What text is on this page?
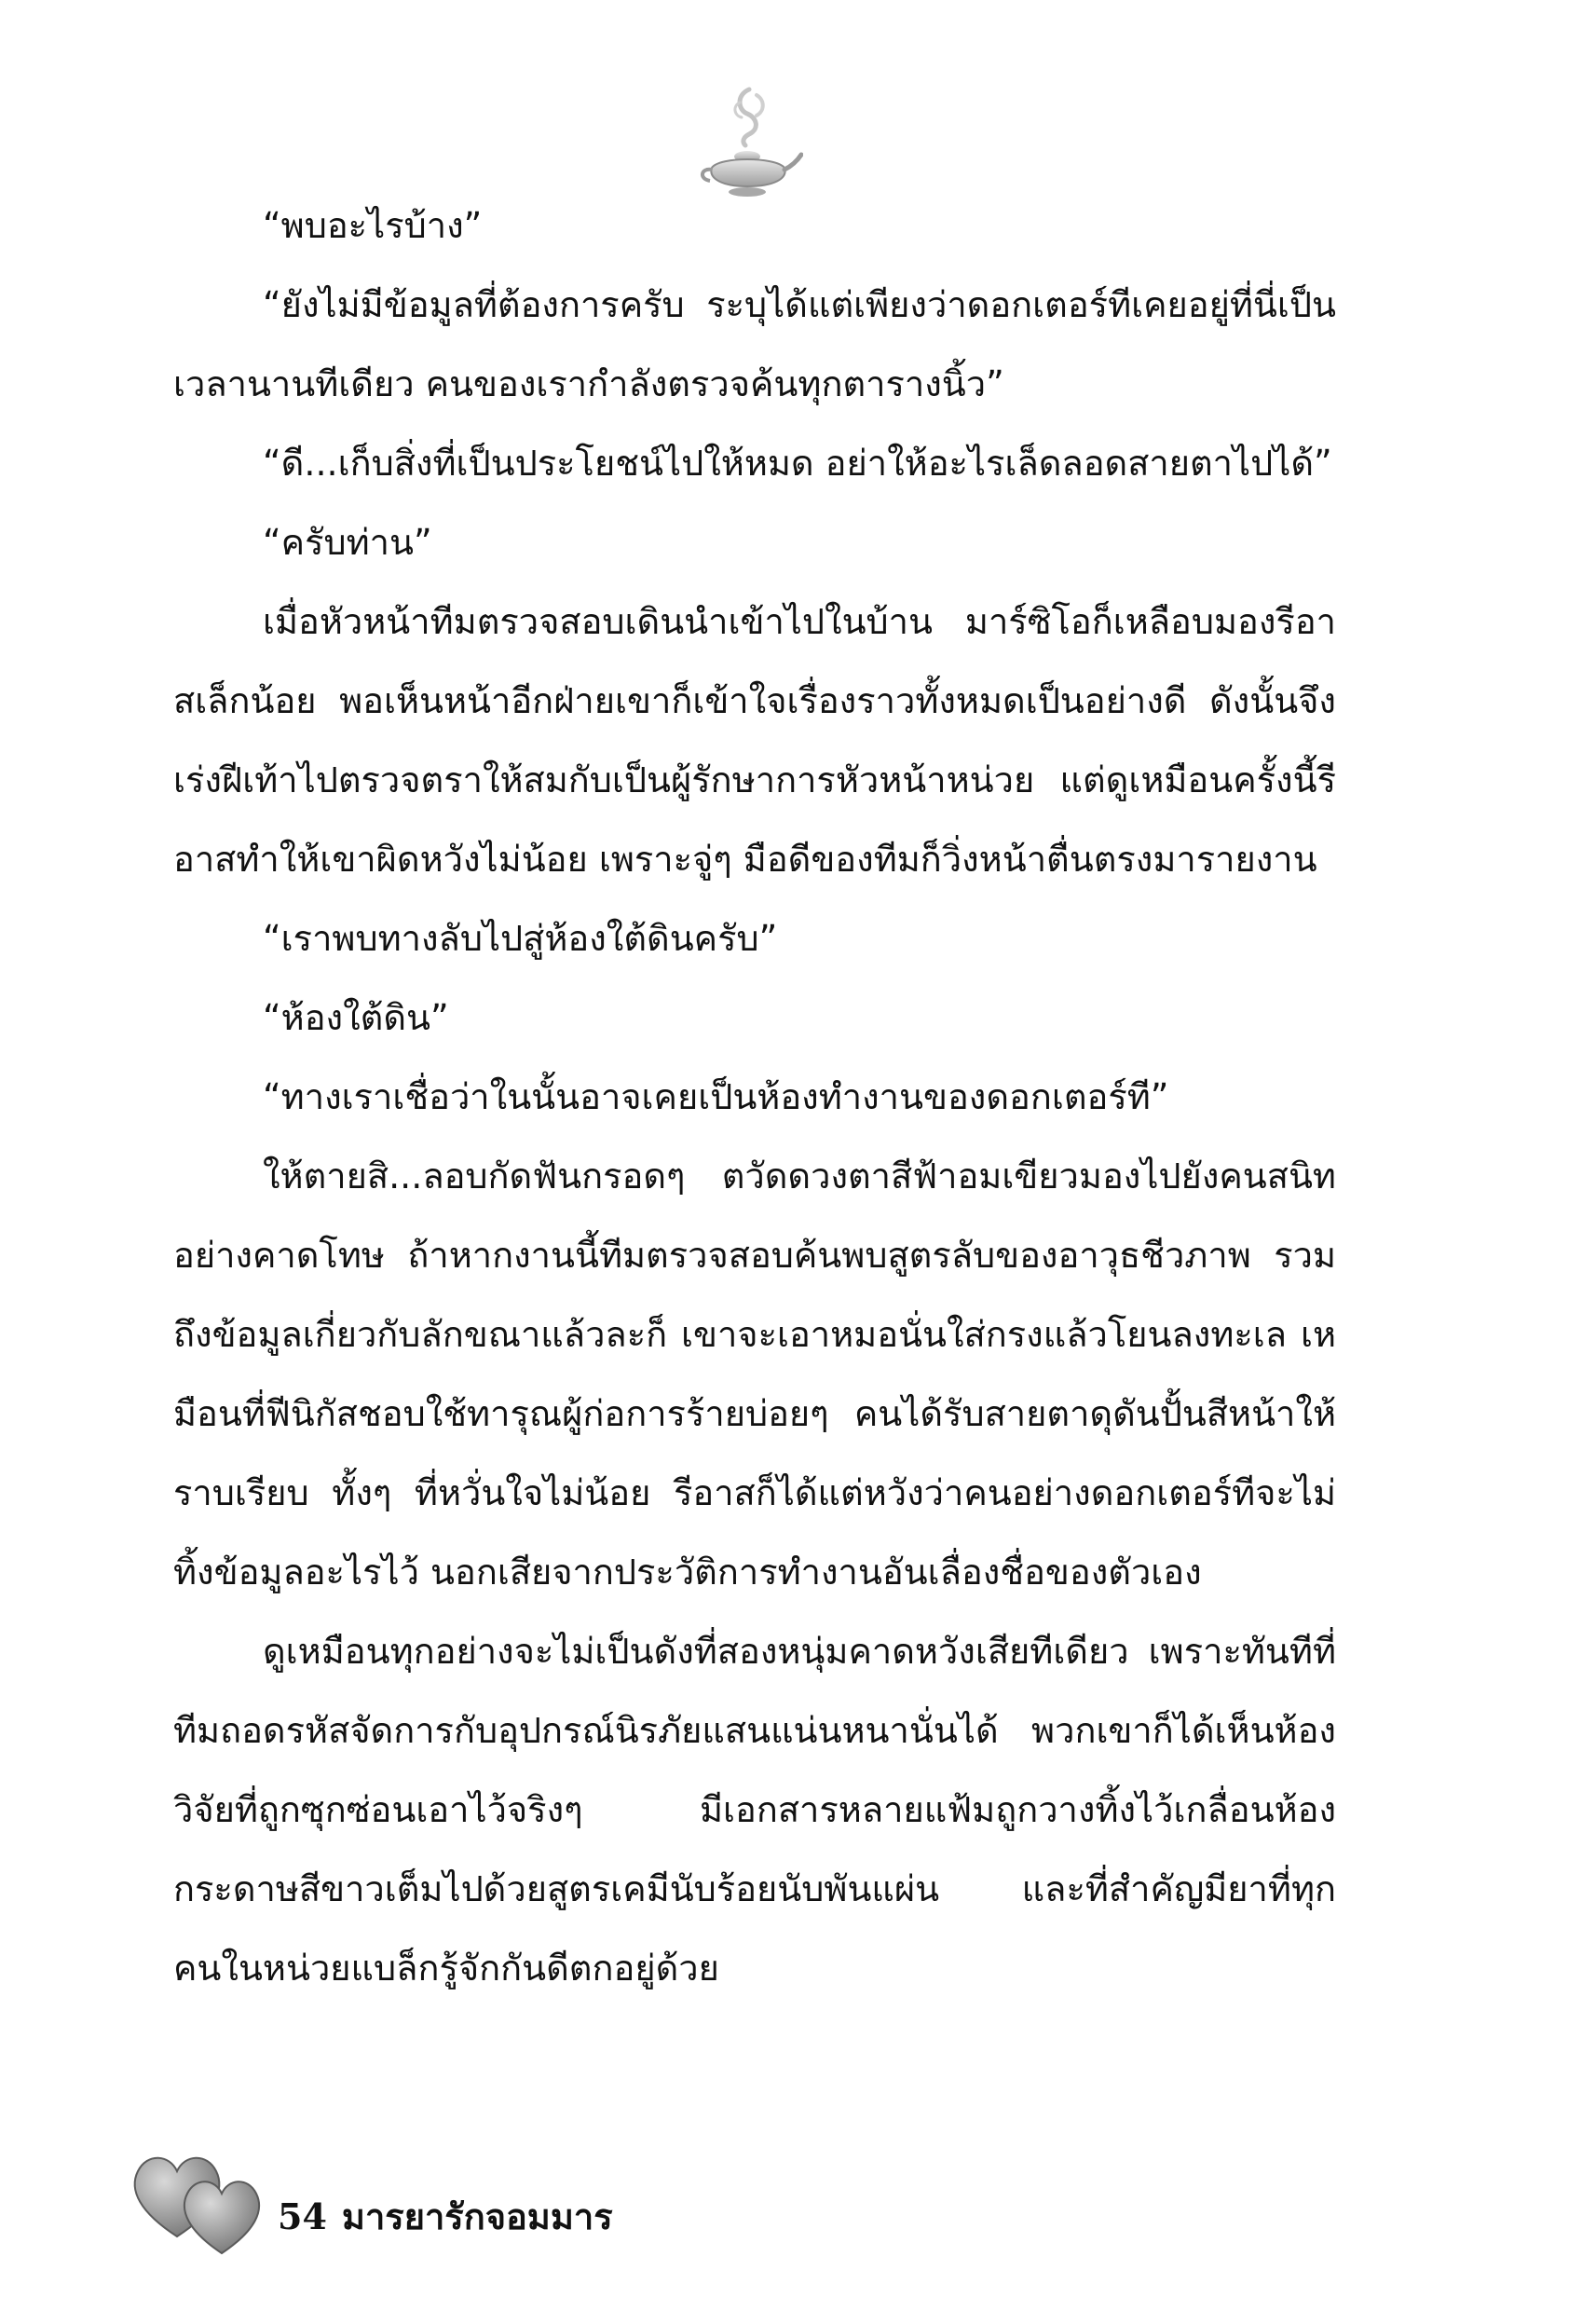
“พบอะไรบ้าง”

“ยังไม่มีข้อมูลที่ต้องการครับ ระบุได้แต่เพียงว่าดอกเตอร์ทีเคยอยู่ที่นี่เป็นเวลานานทีเดียว คนของเรากำลังตรวจค้นทุกตารางนิ้ว”

“ดี...เก็บสิ่งที่เป็นประโยชน์ไปให้หมด อย่าให้อะไรเล็ดลอดสายตาไปได้”

“ครับท่าน”

เมื่อหัวหน้าทีมตรวจสอบเดินนำเข้าไปในบ้าน มาร์ซิโอก็เหลือบมองรีอาสเล็กน้อย พอเห็นหน้าอีกฝ่ายเขาก็เข้าใจเรื่องราวทั้งหมดเป็นอย่างดี ดังนั้นจึงเร่งฝีเท้าไปตรวจตราให้สมกับเป็นผู้รักษาการหัวหน้าหน่วย แต่ดูเหมือนครั้งนี้รีอาสทำให้เขาผิดหวังไม่น้อย เพราะจู่ๆ มือดีของทีมก็วิ่งหน้าตื่นตรงมารายงาน

“เราพบทางลับไปสู่ห้องใต้ดินครับ”

“ห้องใต้ดิน”

“ทางเราเชื่อว่าในนั้นอาจเคยเป็นห้องทำงานของดอกเตอร์ที”

ให้ตายสิ...ลอบกัดฟันกรอดๆ ตวัดดวงตาสีฟ้าอมเขียวมองไปยังคนสนิทอย่างคาดโทษ ถ้าหากงานนี้ทีมตรวจสอบค้นพบสูตรลับของอาวุธชีวภาพ รวมถึงข้อมูลเกี่ยวกับลักขณาแล้วละก็ เขาจะเอาหมอนั่นใส่กรงแล้วโยนลงทะเล เหมือนที่ฟีนิกัสชอบใช้ทารุณผู้ก่อการร้ายบ่อยๆ คนได้รับสายตาดุดันปั้นสีหน้าให้ราบเรียบ ทั้งๆ ที่หวั่นใจไม่น้อย รีอาสก็ได้แต่หวังว่าคนอย่างดอกเตอร์ทีจะไม่ทิ้งข้อมูลอะไรไว้ นอกเสียจากประวัติการทำงานอันเลื่องชื่อของตัวเอง

ดูเหมือนทุกอย่างจะไม่เป็นดังที่สองหนุ่มคาดหวังเสียทีเดียว เพราะทันทีที่ทีมถอดรหัสจัดการกับอุปกรณ์นิรภัยแสนแน่นหนานั่นได้ พวกเขาก็ได้เห็นห้องวิจัยที่ถูกซุกซ่อนเอาไว้จริงๆ มีเอกสารหลายแฟ้มถูกวางทิ้งไว้เกลื่อนห้อง กระดาษสีขาวเต็มไปด้วยสูตรเคมีนับร้อยนับพันแผ่น และที่สำคัญมียาที่ทุกคนในหน่วยแบล็กรู้จักกันดีตกอยู่ด้วย

54 มารยารักจอมมาร
